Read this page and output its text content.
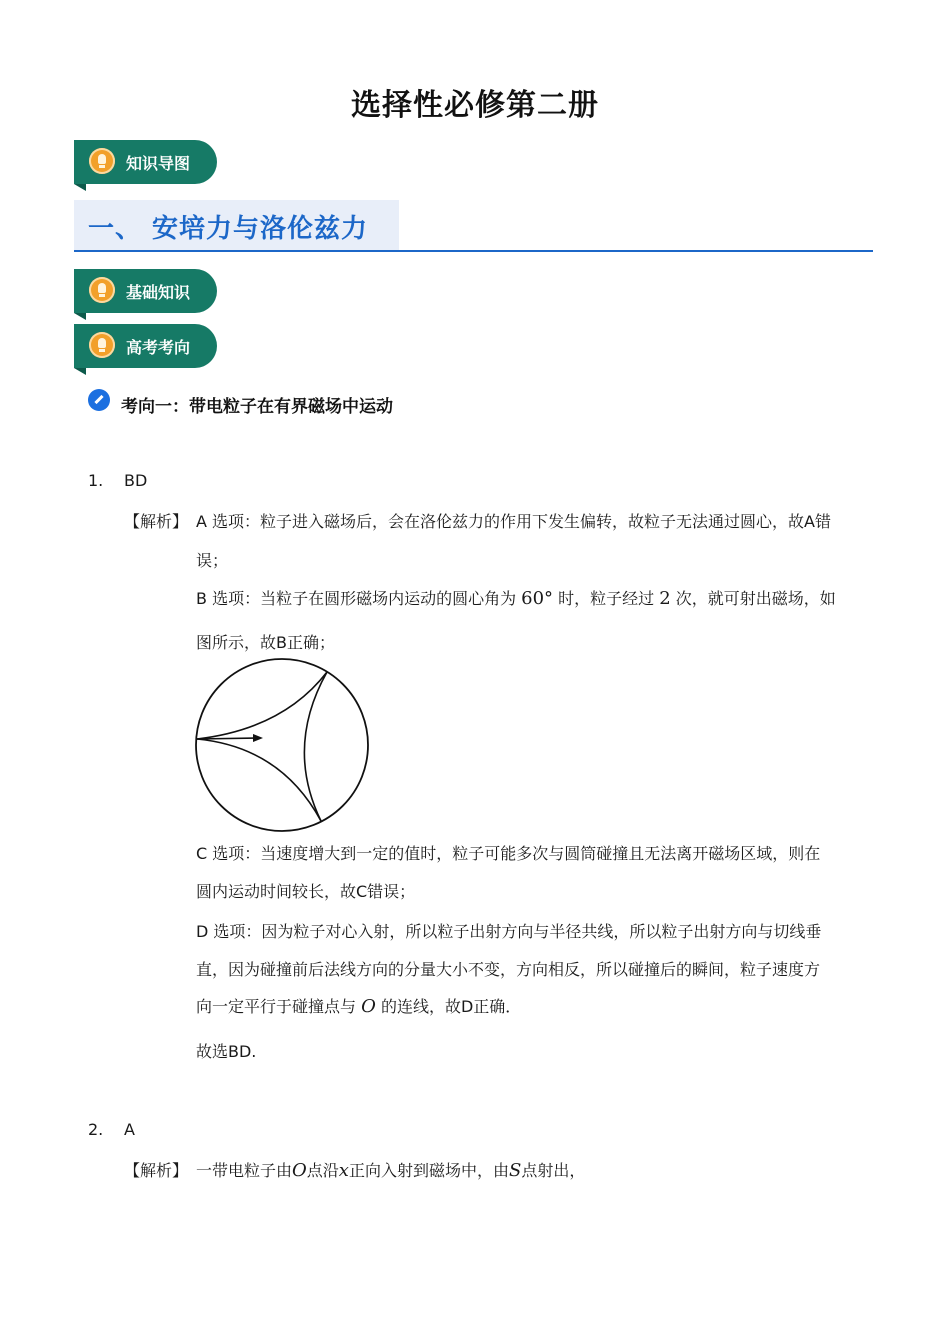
选择性必修第二册
知识导图
一、 安培力与洛伦兹力
基础知识
高考考向
考向一：带电粒子在有界磁场中运动
1. BD
【解析】 A 选项：粒子进入磁场后，会在洛伦兹力的作用下发生偏转，故粒子无法通过圆心，故A错
误；
B 选项：当粒子在圆形磁场内运动的圆心角为 60° 时，粒子经过 2 次，就可射出磁场，如
图所示，故B正确；
C 选项：当速度增大到一定的值时，粒子可能多次与圆筒碰撞且无法离开磁场区域，则在
圆内运动时间较长，故C错误；
D 选项：因为粒子对心入射，所以粒子出射方向与半径共线，所以粒子出射方向与切线垂
直，因为碰撞前后法线方向的分量大小不变，方向相反，所以碰撞后的瞬间，粒子速度方
向一定平行于碰撞点与 O 的连线，故D正确．
故选BD.
2. A
【解析】 一带电粒子由O点沿x正向入射到磁场中，由S点射出，
